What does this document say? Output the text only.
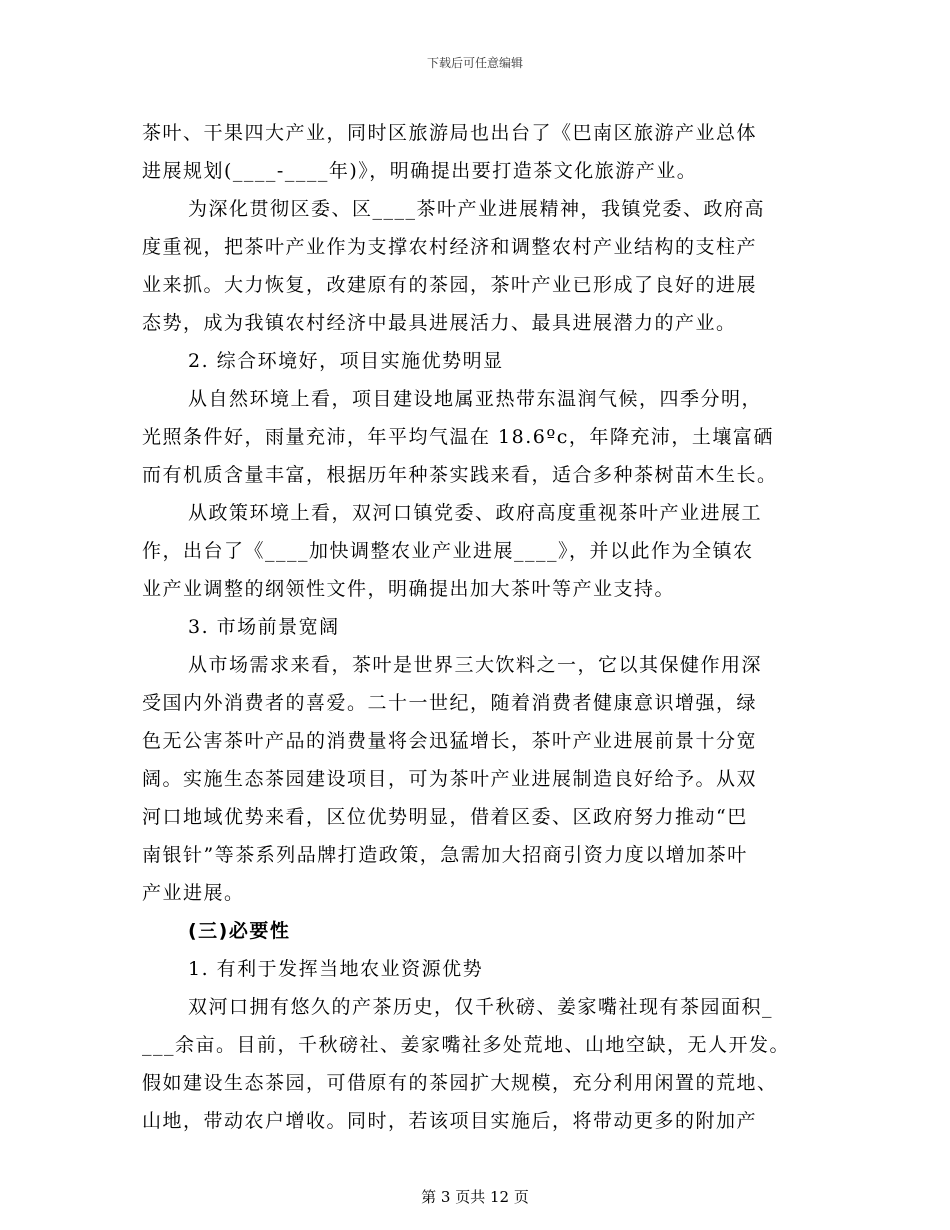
下载后可任意编辑
茶叶、干果四大产业，同时区旅游局也出台了《巴南区旅游产业总体
进展规划(____-____年)》，明确提出要打造茶文化旅游产业。
为深化贯彻区委、区____茶叶产业进展精神，我镇党委、政府高
度重视，把茶叶产业作为支撑农村经济和调整农村产业结构的支柱产
业来抓。大力恢复，改建原有的茶园，茶叶产业已形成了良好的进展
态势，成为我镇农村经济中最具进展活力、最具进展潜力的产业。
2. 综合环境好，项目实施优势明显
从自然环境上看，项目建设地属亚热带东温润气候，四季分明，
光照条件好，雨量充沛，年平均气温在 18.6ºc，年降充沛，土壤富硒
而有机质含量丰富，根据历年种茶实践来看，适合多种茶树苗木生长。
从政策环境上看，双河口镇党委、政府高度重视茶叶产业进展工
作，出台了《____加快调整农业产业进展____》，并以此作为全镇农
业产业调整的纲领性文件，明确提出加大茶叶等产业支持。
3. 市场前景宽阔
从市场需求来看，茶叶是世界三大饮料之一，它以其保健作用深
受国内外消费者的喜爱。二十一世纪，随着消费者健康意识增强，绿
色无公害茶叶产品的消费量将会迅猛增长，茶叶产业进展前景十分宽
阔。实施生态茶园建设项目，可为茶叶产业进展制造良好给予。从双
河口地域优势来看，区位优势明显，借着区委、区政府努力推动“巴
南银针”等茶系列品牌打造政策，急需加大招商引资力度以增加茶叶
产业进展。
(三)必要性
1. 有利于发挥当地农业资源优势
双河口拥有悠久的产茶历史，仅千秋磅、姜家嘴社现有茶园面积_
___余亩。目前，千秋磅社、姜家嘴社多处荒地、山地空缺，无人开发。
假如建设生态茶园，可借原有的茶园扩大规模，充分利用闲置的荒地、
山地，带动农户增收。同时，若该项目实施后，将带动更多的附加产
第 3 页共 12 页
